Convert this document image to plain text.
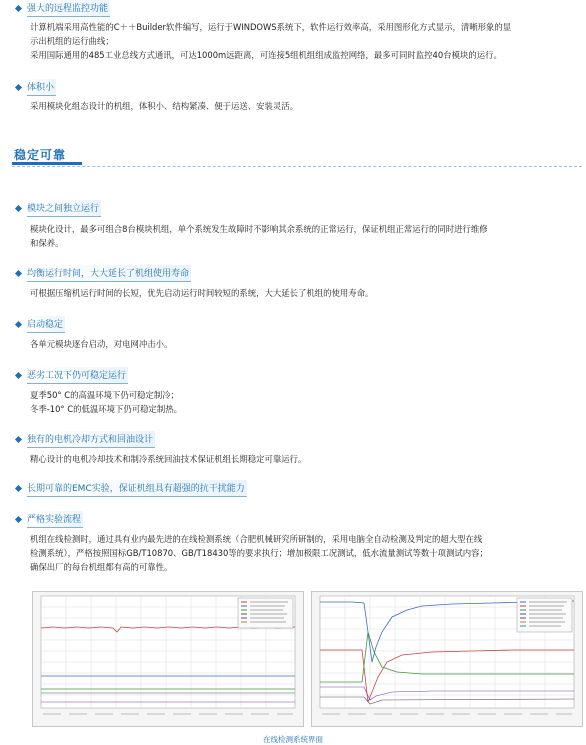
强大的远程监控功能

计算机端采用高性能的C＋＋Builder软件编写，运行于WINDOWS系统下，软件运行效率高，采用图形化方式显示，清晰形象的显

示出机组的运行曲线；

采用国际通用的485工业总线方式通讯，可达1000m远距离，可连接5组机组组成监控网络，最多可同时监控40台模块的运行。

体积小

采用模块化组态设计的机组，体积小、结构紧凑、便于运送、安装灵活。

稳定可靠
模块之间独立运行

模块化设计，最多可组合8台模块机组，单个系统发生故障时不影响其余系统的正常运行，保证机组正常运行的同时进行维修

和保养。

均衡运行时间，大大延长了机组使用寿命

可根据压缩机运行时间的长短，优先启动运行时间较短的系统，大大延长了机组的使用寿命。

启动稳定

各单元模块逐台启动，对电网冲击小。

恶劣工况下仍可稳定运行

夏季50° C的高温环境下仍可稳定制冷；

冬季-10° C的低温环境下仍可稳定制热。

独有的电机冷却方式和回油设计

精心设计的电机冷却技术和制冷系统回油技术保证机组长期稳定可靠运行。

长期可靠的EMC实验，保证机组具有超强的抗干扰能力
严格实验流程

机组在线检测时，通过具有业内最先进的在线检测系统（合肥机械研究所研制的，采用电脑全自动检测及判定的超大型在线

检测系统），严格按照国标GB/T10870、GB/T18430等的要求执行；增加极限工况测试，低水流量测试等数十项测试内容；

确保出厂的每台机组都有高的可靠性。

在线检测系统界面
